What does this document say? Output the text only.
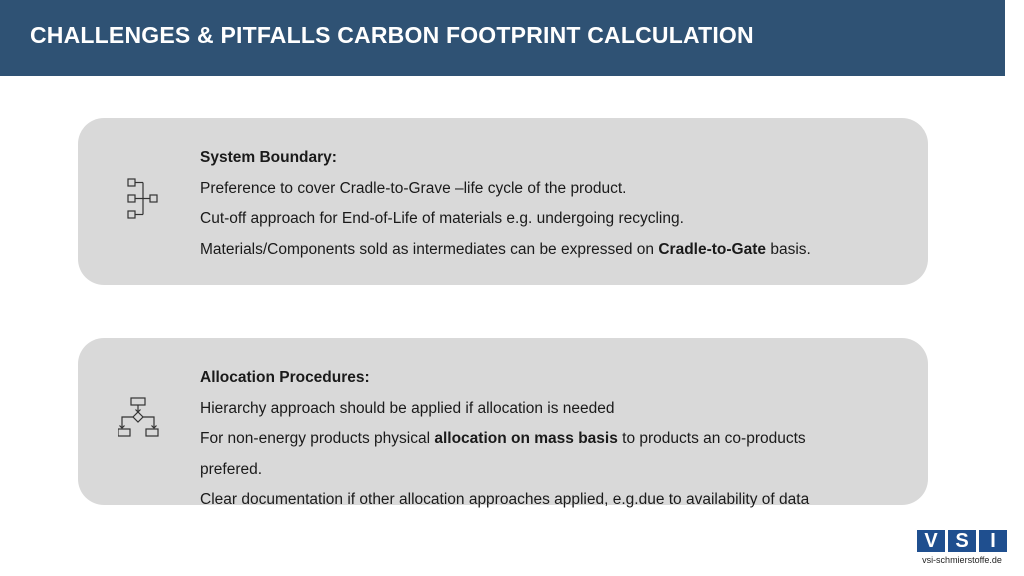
CHALLENGES & PITFALLS CARBON FOOTPRINT CALCULATION
System Boundary:
Preference to cover Cradle-to-Grave –life cycle of the product.
Cut-off approach for End-of-Life of materials e.g. undergoing recycling.
Materials/Components sold as intermediates can be expressed on Cradle-to-Gate basis.
Allocation Procedures:
Hierarchy approach should be applied if allocation is needed
For non-energy products physical allocation on mass basis to products an co-products
prefered.
Clear documentation if other allocation approaches applied, e.g.due to availability of data
V S	I
vsi-schmierstoffe.de
